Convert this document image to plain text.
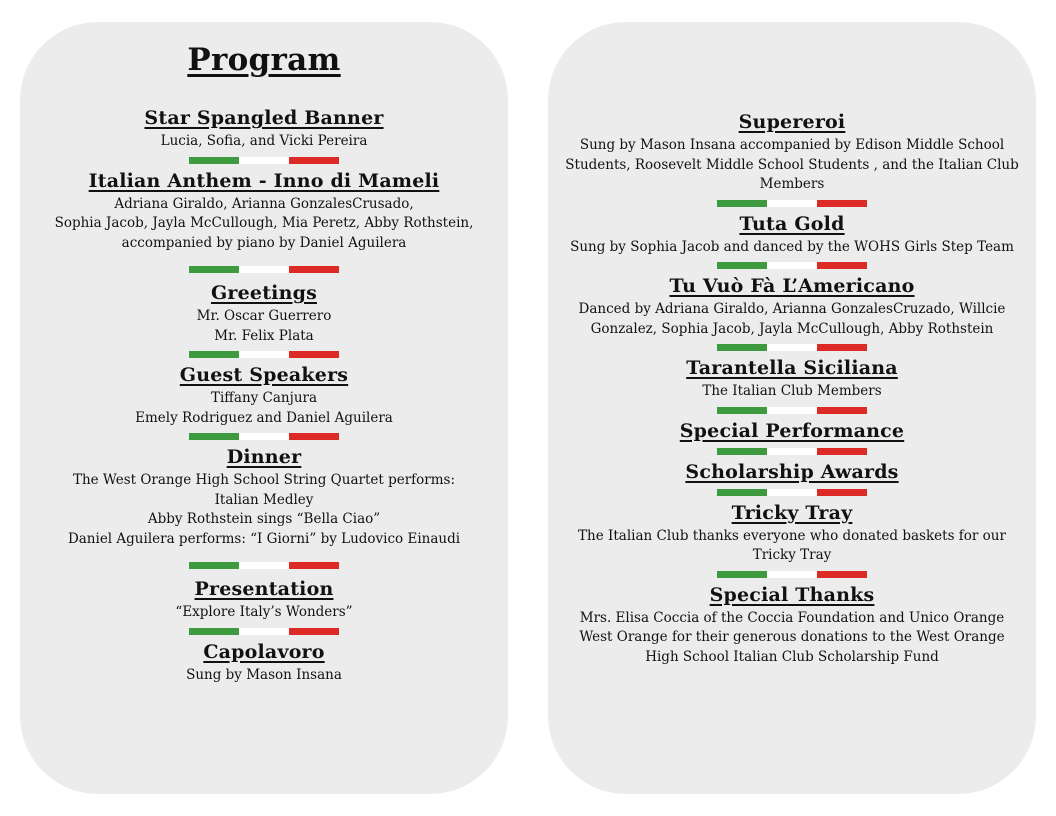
Program
Star Spangled Banner
Lucia, Sofia, and Vicki Pereira
Italian Anthem - Inno di Mameli
Adriana Giraldo, Arianna GonzalesCrusado,
Sophia Jacob, Jayla McCullough, Mia Peretz, Abby Rothstein,
accompanied by piano by Daniel Aguilera
Greetings
Mr. Oscar Guerrero
Mr. Felix Plata
Guest Speakers
Tiffany Canjura
Emely Rodriguez and Daniel Aguilera
Dinner
The West Orange High School String Quartet performs:
Italian Medley
Abby Rothstein sings “Bella Ciao”
Daniel Aguilera performs: “I Giorni” by Ludovico Einaudi
Presentation
“Explore Italy’s Wonders”
Capolavoro
Sung by Mason Insana
Supereroi
Sung by Mason Insana accompanied by Edison Middle School
Students, Roosevelt Middle School Students , and the Italian Club
Members
Tuta Gold
Sung by Sophia Jacob and danced by the WOHS Girls Step Team
Tu Vuò Fà L’Americano
Danced by Adriana Giraldo, Arianna GonzalesCruzado, Willcie
Gonzalez, Sophia Jacob, Jayla McCullough, Abby Rothstein
Tarantella Siciliana
The Italian Club Members
Special Performance
Scholarship Awards
Tricky Tray
The Italian Club thanks everyone who donated baskets for our
Tricky Tray
Special Thanks
Mrs. Elisa Coccia of the Coccia Foundation and Unico Orange
West Orange for their generous donations to the West Orange
High School Italian Club Scholarship Fund
